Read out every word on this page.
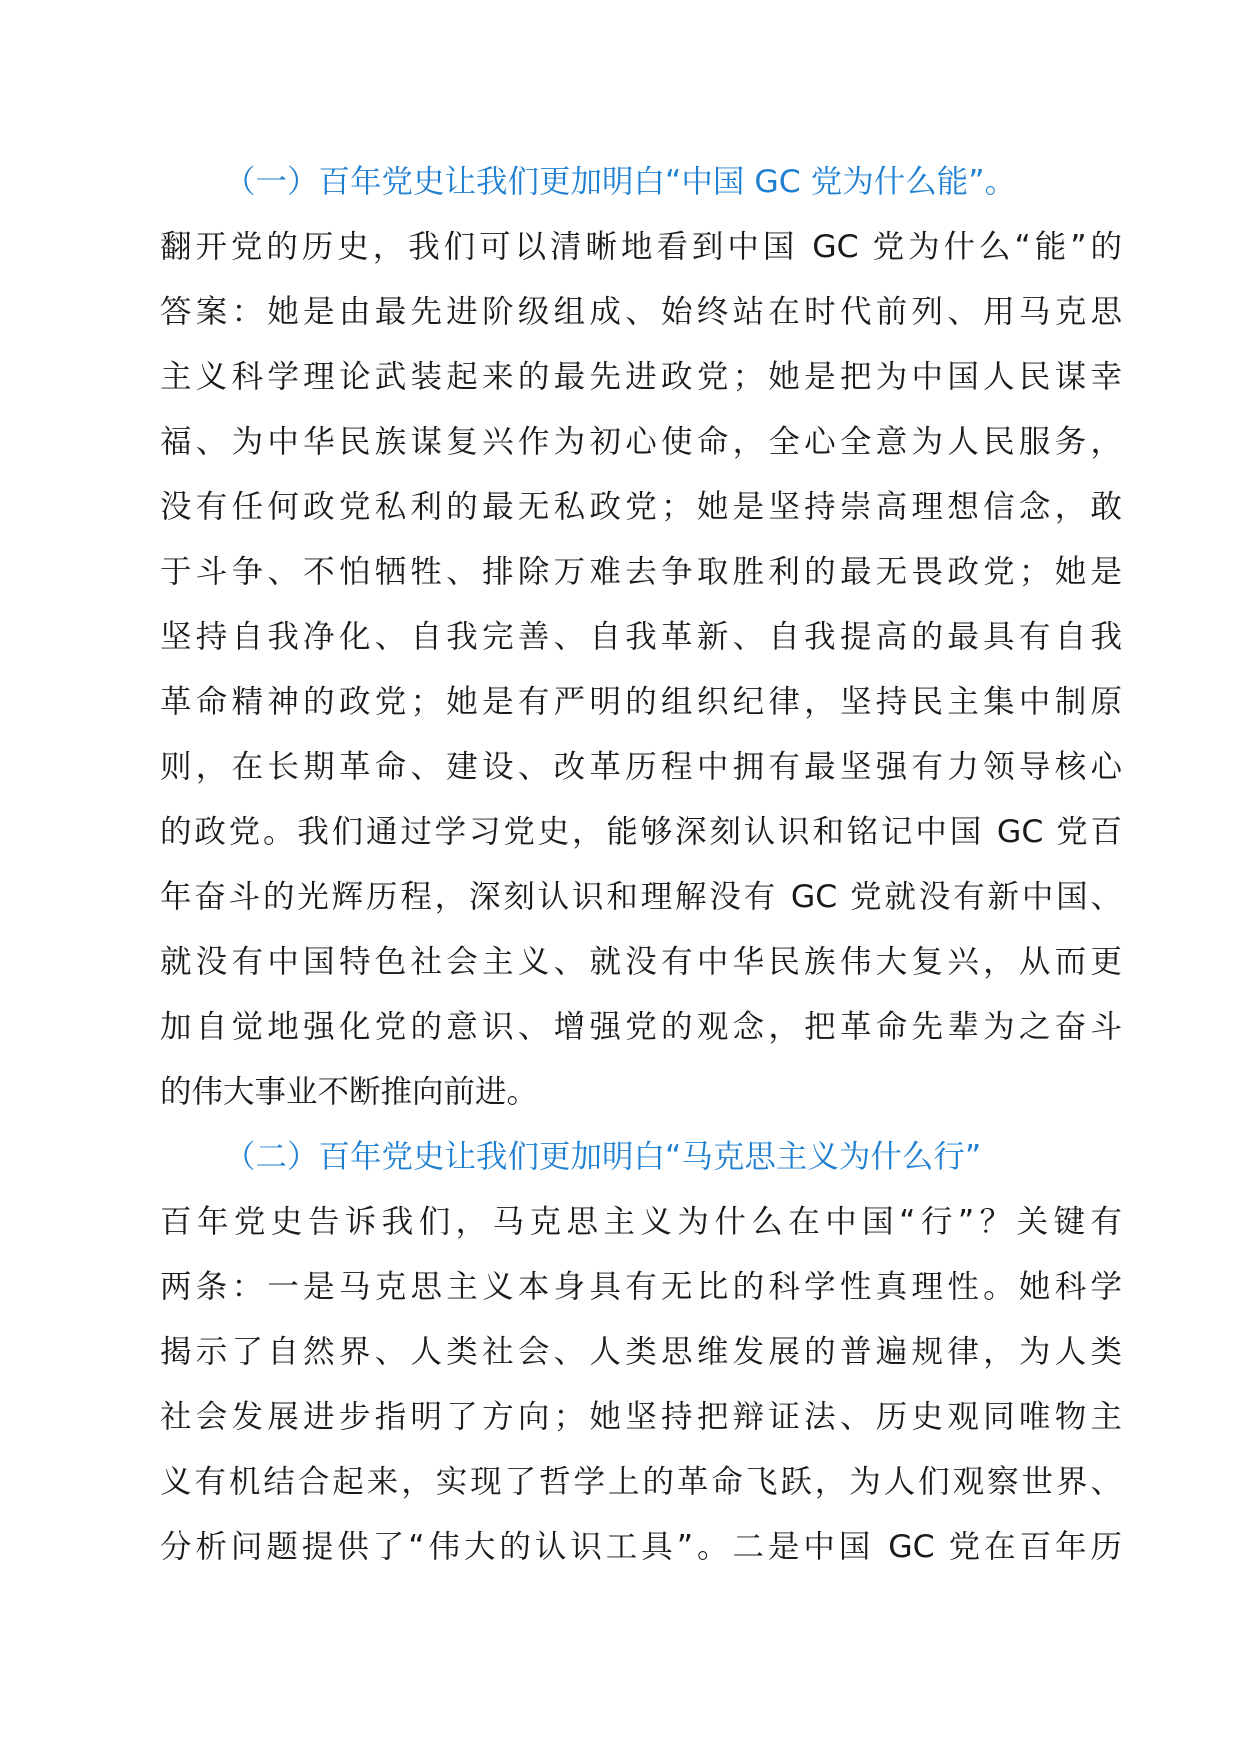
（一）百年党史让我们更加明白“中国 GC 党为什么能”。
翻开党的历史，我们可以清晰地看到中国 GC 党为什么“能”的
答案：她是由最先进阶级组成、始终站在时代前列、用马克思
主义科学理论武装起来的最先进政党；她是把为中国人民谋幸
福、为中华民族谋复兴作为初心使命，全心全意为人民服务，
没有任何政党私利的最无私政党；她是坚持崇高理想信念，敢
于斗争、不怕牺牲、排除万难去争取胜利的最无畏政党；她是
坚持自我净化、自我完善、自我革新、自我提高的最具有自我
革命精神的政党；她是有严明的组织纪律，坚持民主集中制原
则，在长期革命、建设、改革历程中拥有最坚强有力领导核心
的政党。我们通过学习党史，能够深刻认识和铭记中国 GC 党百
年奋斗的光辉历程，深刻认识和理解没有 GC 党就没有新中国、
就没有中国特色社会主义、就没有中华民族伟大复兴，从而更
加自觉地强化党的意识、增强党的观念，把革命先辈为之奋斗
的伟大事业不断推向前进。
（二）百年党史让我们更加明白“马克思主义为什么行”
百年党史告诉我们，马克思主义为什么在中国“行”？关键有
两条：一是马克思主义本身具有无比的科学性真理性。她科学
揭示了自然界、人类社会、人类思维发展的普遍规律，为人类
社会发展进步指明了方向；她坚持把辩证法、历史观同唯物主
义有机结合起来，实现了哲学上的革命飞跃，为人们观察世界、
分析问题提供了“伟大的认识工具”。二是中国 GC 党在百年历
